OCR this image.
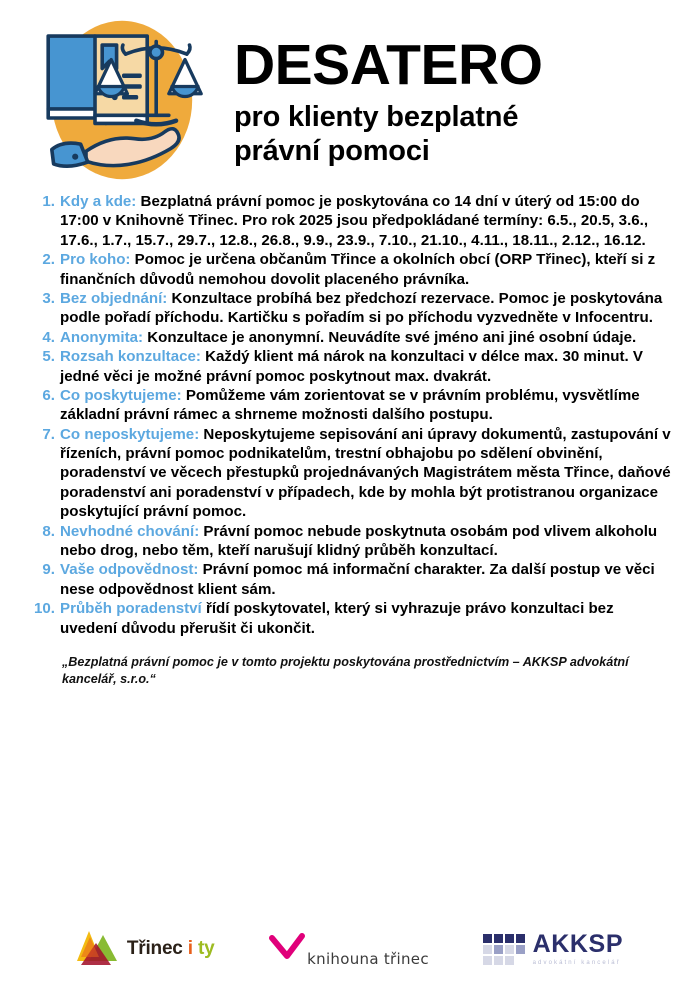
DESATERO
pro klienty bezplatné
právní pomoci
1. Kdy a kde: Bezplatná právní pomoc je poskytována co 14 dní v úterý od 15:00 do 17:00 v Knihovně Třinec. Pro rok 2025 jsou předpokládané termíny: 6.5., 20.5, 3.6., 17.6., 1.7., 15.7., 29.7., 12.8., 26.8., 9.9., 23.9., 7.10., 21.10., 4.11., 18.11., 2.12., 16.12.
2. Pro koho: Pomoc je určena občanům Třince a okolních obcí (ORP Třinec), kteří si z finančních důvodů nemohou dovolit placeného právníka.
3. Bez objednání: Konzultace probíhá bez předchozí rezervace. Pomoc je poskytována podle pořadí příchodu. Kartičku s pořadím si po příchodu vyzvedněte v Infocentru.
4. Anonymita: Konzultace je anonymní. Neuvádíte své jméno ani jiné osobní údaje.
5. Rozsah konzultace: Každý klient má nárok na konzultaci v délce max. 30 minut. V jedné věci je možné právní pomoc poskytnout max. dvakrát.
6. Co poskytujeme: Pomůžeme vám zorientovat se v právním problému, vysvětlíme základní právní rámec a shrneme možnosti dalšího postupu.
7. Co neposkytujeme: Neposkytujeme sepisování ani úpravy dokumentů, zastupování v řízeních, právní pomoc podnikatelům, trestní obhajobu po sdělení obvinění, poradenství ve věcech přestupků projednávaných Magistrátem města Třince, daňové poradenství ani poradenství v případech, kde by mohla být protistranou organizace poskytující právní pomoc.
8. Nevhodné chování: Právní pomoc nebude poskytnuta osobám pod vlivem alkoholu nebo drog, nebo těm, kteří narušují klidný průběh konzultací.
9. Vaše odpovědnost: Právní pomoc má informační charakter. Za další postup ve věci nese odpovědnost klient sám.
10. Průběh poradenství řídí poskytovatel, který si vyhrazuje právo konzultaci bez uvedení důvodu přerušit či ukončit.
„Bezplatná právní pomoc je v tomto projektu poskytována prostřednictvím – AKKSP advokátní kancelář, s.r.o.“
Třinec i ty	knihouna třinec
AKKSP
advokátní kancelář
